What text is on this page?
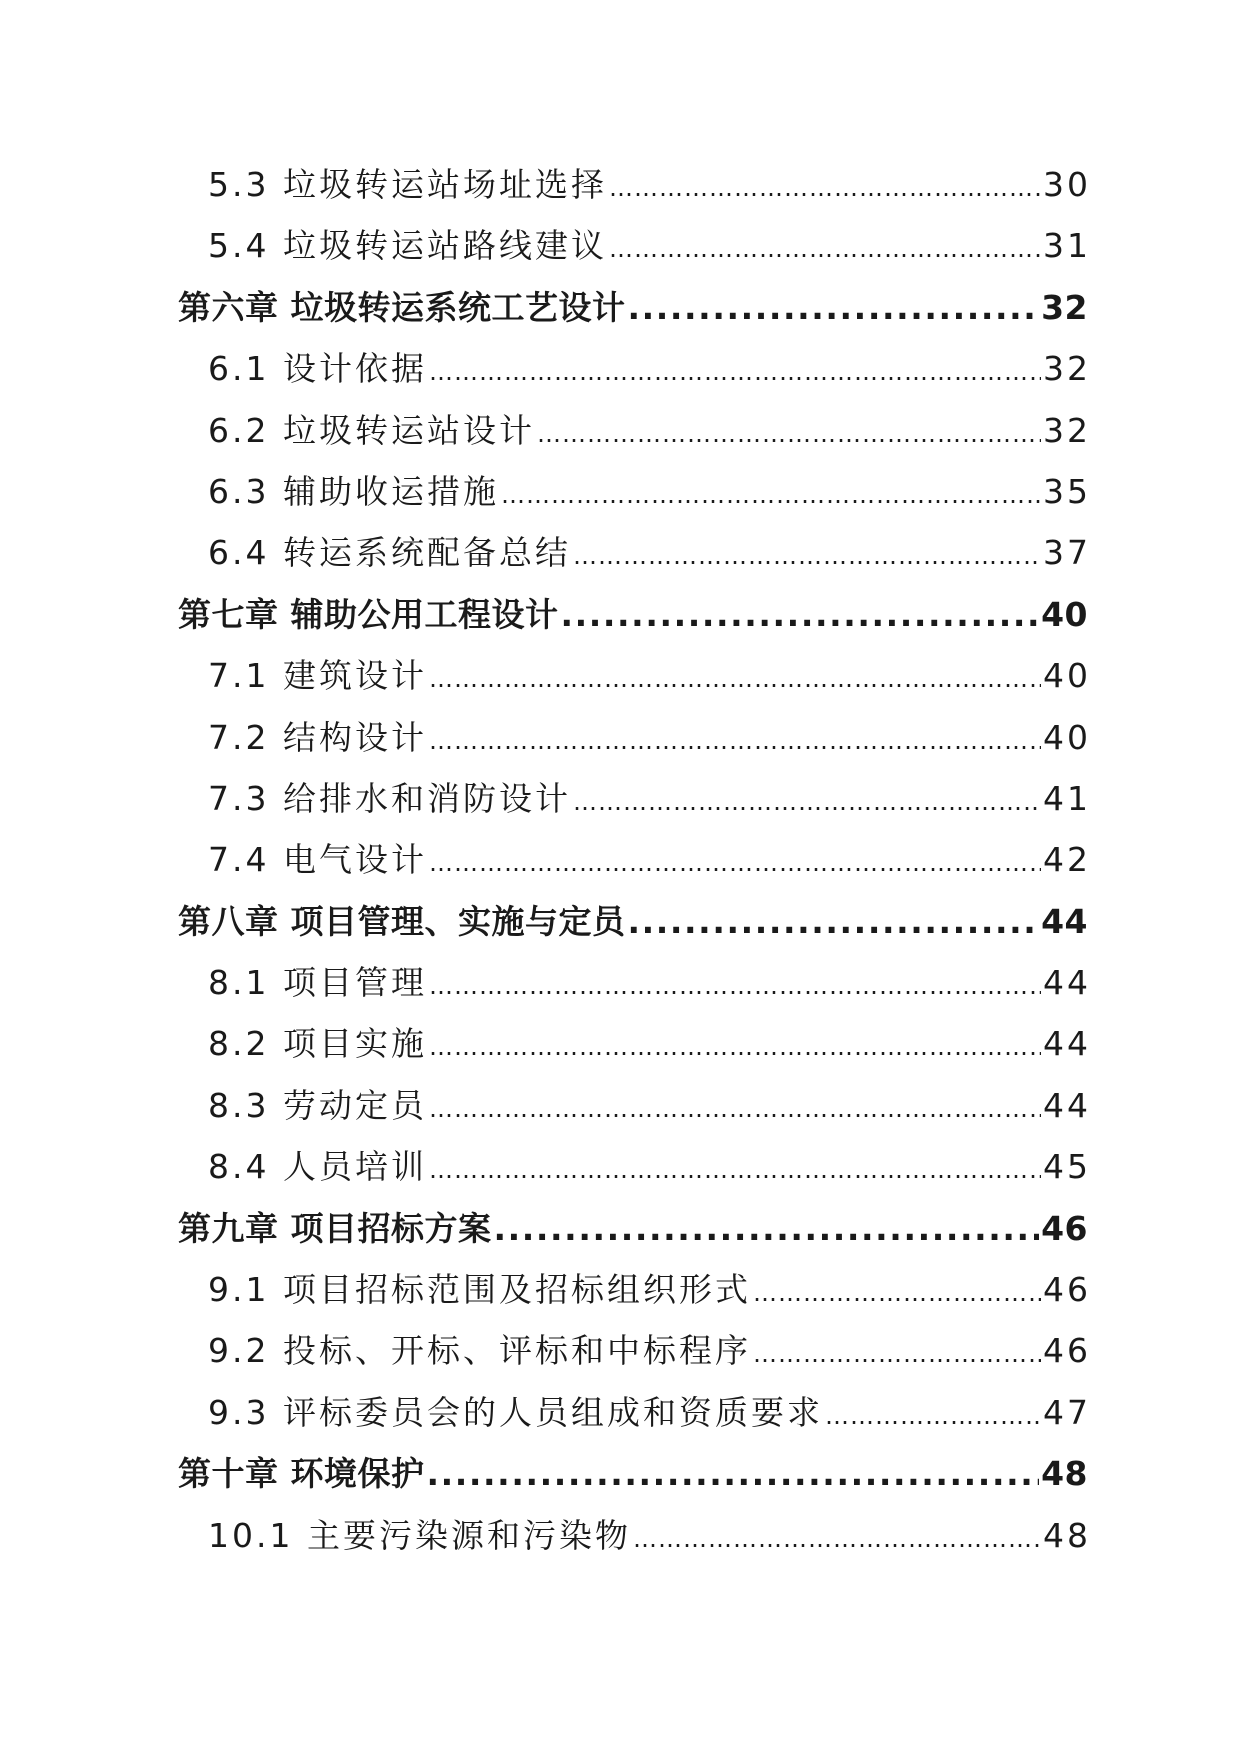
5.3 垃圾转运站场址选择 ………………………………………………………………………………………………………………………………………………………………	30
5.4 垃圾转运站路线建议 ………………………………………………………………………………………………………………………………………………………………	31
第六章 垃圾转运系统工艺设计 .....	32
6.1 设计依据 ………………………………………………………………………………………………………………………………………………………………	32
6.2 垃圾转运站设计 ………………………………………………………………………………………………………………………………………………………………	32
6.3 辅助收运措施 ………………………………………………………………………………………………………………………………………………………………	35
6.4 转运系统配备总结 ………………………………………………………………………………………………………………………………………………………………	37
第七章 辅助公用工程设计 .....	40
7.1 建筑设计 ………………………………………………………………………………………………………………………………………………………………	40
7.2 结构设计 ………………………………………………………………………………………………………………………………………………………………	40
7.3 给排水和消防设计 ………………………………………………………………………………………………………………………………………………………………	41
7.4 电气设计 ………………………………………………………………………………………………………………………………………………………………	42
第八章 项目管理、实施与定员 .....	44
8.1 项目管理 ………………………………………………………………………………………………………………………………………………………………	44
8.2 项目实施 ………………………………………………………………………………………………………………………………………………………………	44
8.3 劳动定员 ………………………………………………………………………………………………………………………………………………………………	44
8.4 人员培训 ………………………………………………………………………………………………………………………………………………………………	45
第九章 项目招标方案 .....	46
9.1 项目招标范围及招标组织形式 ………………………………………………………………………………………………………………………………………………………………	46
9.2 投标、开标、评标和中标程序 ………………………………………………………………………………………………………………………………………………………………	46
9.3 评标委员会的人员组成和资质要求 ………………………………………………………………………………………………………………………………………………………………	47
第十章 环境保护 .....	48
10.1 主要污染源和污染物 ………………………………………………………………………………………………………………………………………………………………	48
